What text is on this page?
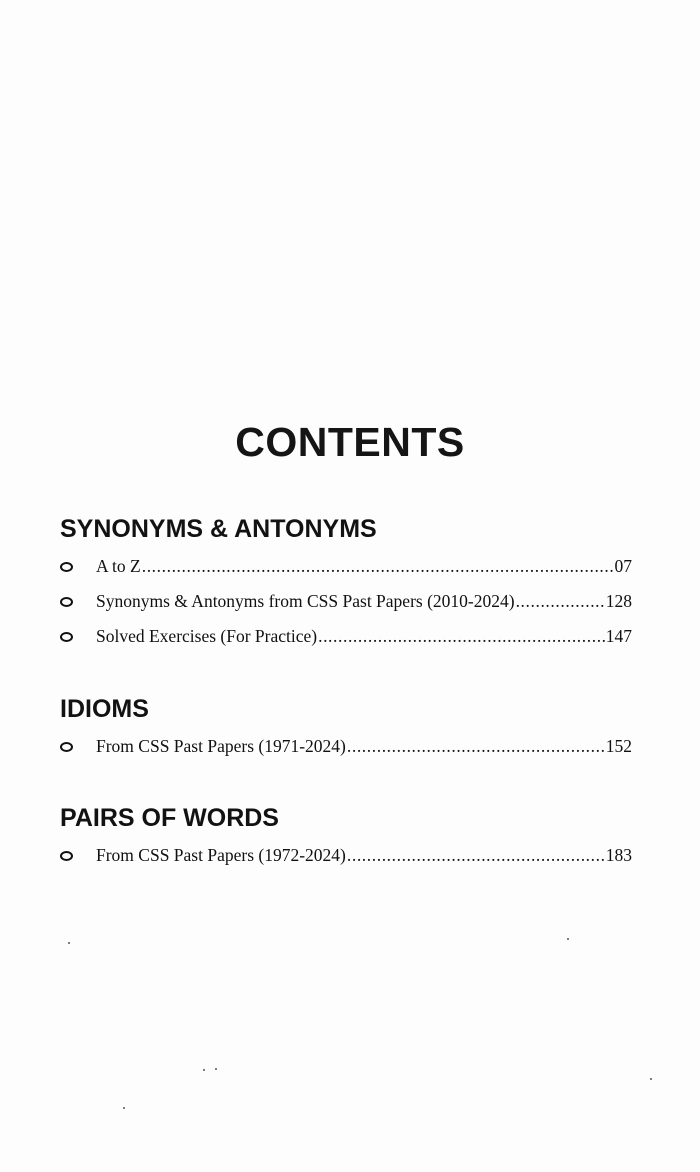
CONTENTS
SYNONYMS & ANTONYMS
A to Z .....	07
Synonyms & Antonyms from CSS Past Papers (2010-2024) .....	128
Solved Exercises (For Practice) .....	147
IDIOMS
From CSS Past Papers (1971-2024) .....	152
PAIRS OF WORDS
From CSS Past Papers (1972-2024) .....	183
